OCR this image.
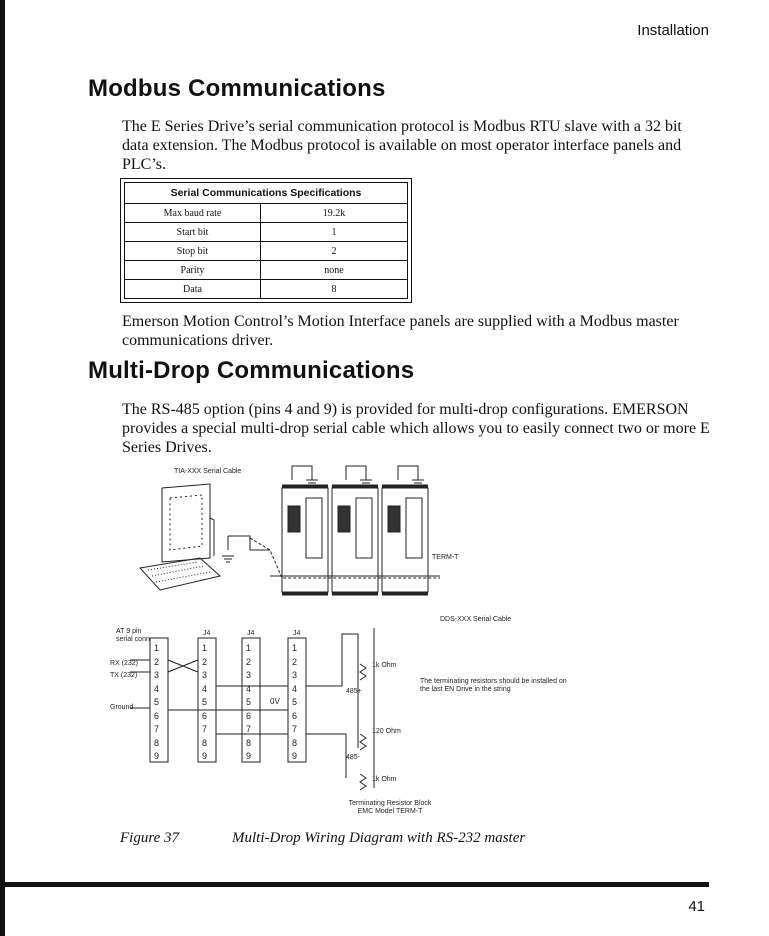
Installation
Modbus Communications

The E Series Drive’s serial communication protocol is Modbus RTU slave with a 32 bit data extension. The Modbus protocol is available on most operator interface panels and PLC’s.

Serial Communications Specifications	
Max baud rate	19.2k
Start bit	1
Stop bit	2
Parity	none
Data	8

Emerson Motion Control’s Motion Interface panels are supplied with a Modbus master communications driver.

Multi-Drop Communications

The RS-485 option (pins 4 and 9) is provided for multi-drop configurations. EMERSON provides a special multi-drop serial cable which allows you to easily connect two or more E Series Drives.

TIA-XXX Serial Cable
TERM-T
DDS-XXX Serial Cable
AT 9 pin serial conn
RX (232)
TX (232)
Ground
J4	J4	J4
0V
1
2
3
4
5
6
7
8
9
1
2
3
4
5
6
7
8
9
1
2
3
4
5
6
7
8
9
1
2
3
4
5
6
7
8
9
1k Ohm
485+
120 Ohm
485-
1k Ohm
The terminating resistors should be installed on the last EN Drive in the string
Terminating Resistor Block
EMC Model TERM-T
Figure 37	Multi-Drop Wiring Diagram with RS-232 master
41
